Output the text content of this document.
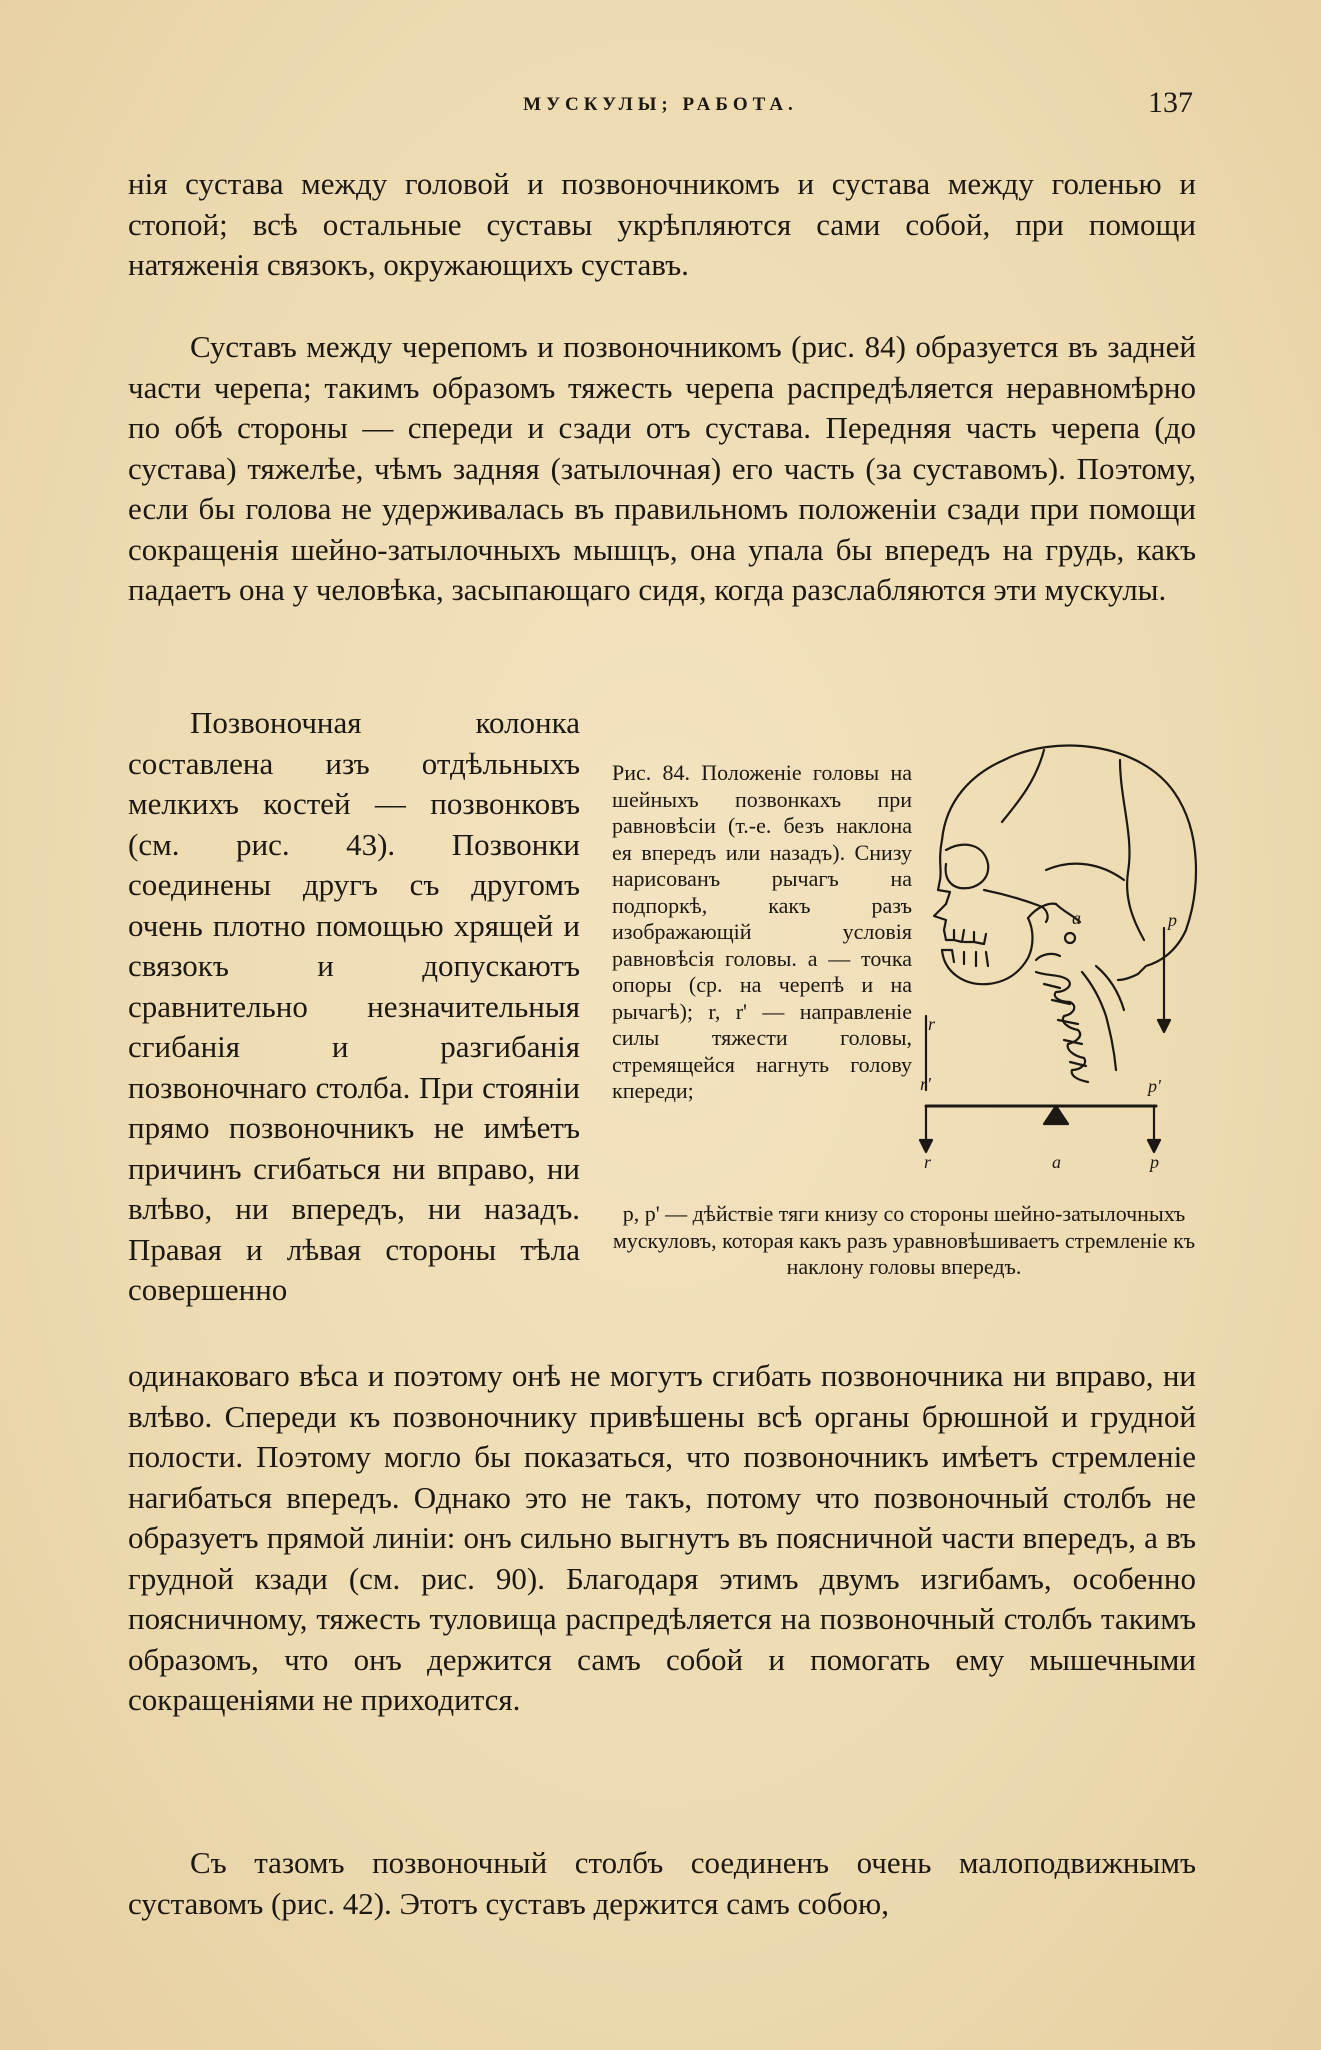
МУСКУЛЫ; РАБОТА.	137

нія сустава между головой и позвоночникомъ и сустава между голенью и стопой; всѣ остальные суставы укрѣпляются сами собой, при помощи натяженія связокъ, окружающихъ суставъ.

Суставъ между черепомъ и позвоночникомъ (рис. 84) образуется въ задней части черепа; такимъ образомъ тяжесть черепа распредѣляется неравномѣрно по обѣ стороны — спереди и сзади отъ сустава. Передняя часть черепа (до сустава) тяжелѣе, чѣмъ задняя (затылочная) его часть (за суставомъ). Поэтому, если бы голова не удерживалась въ правильномъ положеніи сзади при помощи сокращенія шейно-затылочныхъ мышцъ, она упала бы впередъ на грудь, какъ падаетъ она у человѣка, засыпающаго сидя, когда разслабляются эти мускулы.

Позвоночная колонка составлена изъ отдѣльныхъ мелкихъ костей — позвонковъ (см. рис. 43). Позвонки соединены другъ съ другомъ очень плотно помощью хрящей и связокъ и допускаютъ сравнительно незначительныя сгибанія и разгибанія позвоночнаго столба. При стояніи прямо позвоночникъ не имѣетъ причинъ сгибаться ни вправо, ни влѣво, ни впередъ, ни назадъ. Правая и лѣвая стороны тѣла совершенно

Рис. 84. Положеніе головы на шейныхъ позвонкахъ при равновѣсіи (т.-е. безъ наклона ея впередъ или назадъ). Снизу нарисованъ рычагъ на подпоркѣ, какъ разъ изображающій условія равновѣсія головы. а — точка опоры (ср. на черепѣ и на рычагѣ); r, r' — направленіе силы тяжести головы, стремящейся нагнуть голову кпереди;
a	p
r
r'	p'
r	a	p
р, р' — дѣйствіе тяги книзу со стороны шейно-затылочныхъ мускуловъ, которая какъ разъ уравновѣшиваетъ стремленіе къ наклону головы впередъ.

одинаковаго вѣса и поэтому онѣ не могутъ сгибать позвоночника ни вправо, ни влѣво. Спереди къ позвоночнику привѣшены всѣ органы брюшной и грудной полости. Поэтому могло бы показаться, что позвоночникъ имѣетъ стремленіе нагибаться впередъ. Однако это не такъ, потому что позвоночный столбъ не образуетъ прямой линіи: онъ сильно выгнутъ въ поясничной части впередъ, а въ грудной кзади (см. рис. 90). Благодаря этимъ двумъ изгибамъ, особенно поясничному, тяжесть туловища распредѣляется на позвоночный столбъ такимъ образомъ, что онъ держится самъ собой и помогать ему мышечными сокращеніями не приходится.

Съ тазомъ позвоночный столбъ соединенъ очень малоподвижнымъ суставомъ (рис. 42). Этотъ суставъ держится самъ собою,
